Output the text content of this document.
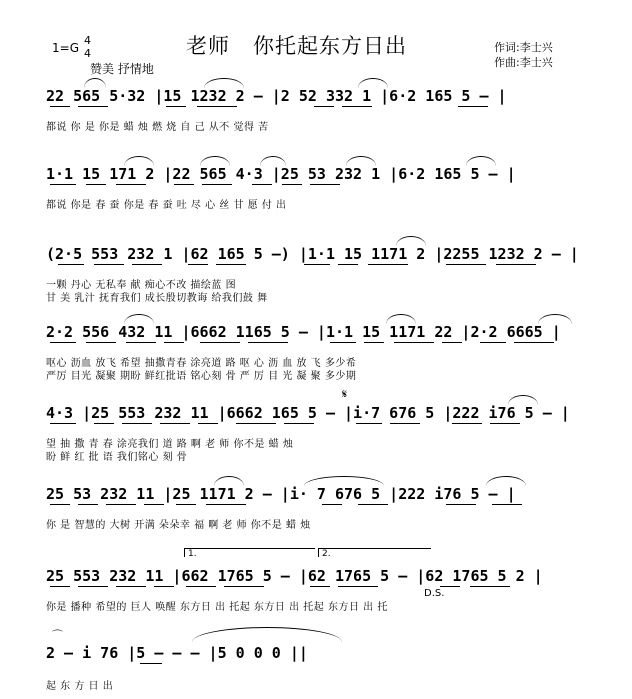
老师   你托起东方日出
1=G
4
4
赞美 抒情地
作词:李士兴
作曲:李士兴
22 565 5·32 |15 1232 2 — |2 52 332 1 |6·2 165 5 — |
都说 你 是 你是 蜡 烛 燃 烧 自 己 从不 觉得 苦
1·1 15 171 2 |22 565 4·3 |25 53 232 1 |6·2 165 5 — |
都说 你是 春 蚕 你是 春 蚕 吐 尽 心 丝 甘 愿 付 出
(2·5 553 232 1 |62 165 5 —) |1·1 15 1171 2 |2255 1232 2 — |
一颗 丹心 无私奉 献 痴心不改 描绘蓝 图
甘 美 乳汁 抚育我们 成长殷切教诲 给我们鼓 舞
2·2 556 432 11 |6662 1165 5 — |1·1 15 1171 22 |2·2 6665 |
呕心 沥血 放飞 希望 抽撒青春 涂亮道 路 呕 心 沥 血 放 飞 多少希
严厉 目光 凝聚 期盼 鲜红批语 铭心刻 骨 严 厉 目 光 凝 聚 多少期
𝄋
4·3 |25 553 232 11 |6662 165 5 — |i·7 676 5 |222 i76 5 — |
望 抽 撒 青 春 涂亮我们 道 路 啊 老 师 你不是 蜡 烛
盼 鲜 红 批 语 我们铭心 刻 骨
25 53 232 11 |25 1171 2 — |i· 7 676 5 |222 i76 5 — |
你 是 智慧的 大树 开满 朵朵幸 福 啊 老 师 你不是 蜡 烛
1.	2.
25 553 232 11 |662 1765 5 — |62 1765 5 — |62 1765 5 2 |
D.S.
你是 播种 希望的 巨人 唤醒 东方日 出 托起 东方日 出 托起 东方日 出 托
⌒
2 — i 76 |5 — — — |5 0 0 0 ||
起 东 方 日 出
